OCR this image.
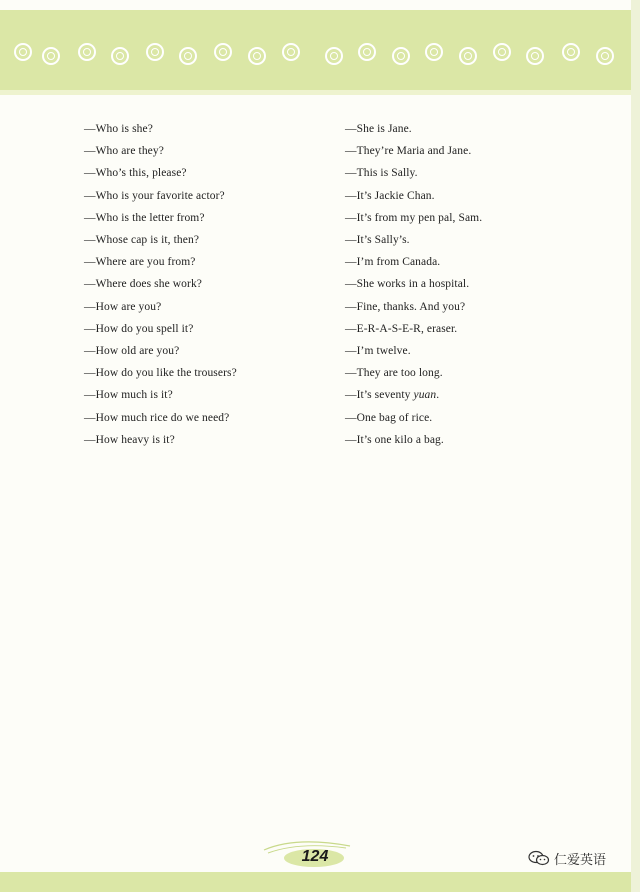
—Who is she?	—She is Jane.
—Who are they?	—They’re Maria and Jane.
—Who’s this, please?	—This is Sally.
—Who is your favorite actor?	—It’s Jackie Chan.
—Who is the letter from?	—It’s from my pen pal, Sam.
—Whose cap is it, then?	—It’s Sally’s.
—Where are you from?	—I’m from Canada.
—Where does she work?	—She works in a hospital.
—How are you?	—Fine, thanks. And you?
—How do you spell it?	—E-R-A-S-E-R, eraser.
—How old are you?	—I’m twelve.
—How do you like the trousers?	—They are too long.
—How much is it?	—It’s seventy yuan.
—How much rice do we need?	—One bag of rice.
—How heavy is it?	—It’s one kilo a bag.
124	仁爱英语
